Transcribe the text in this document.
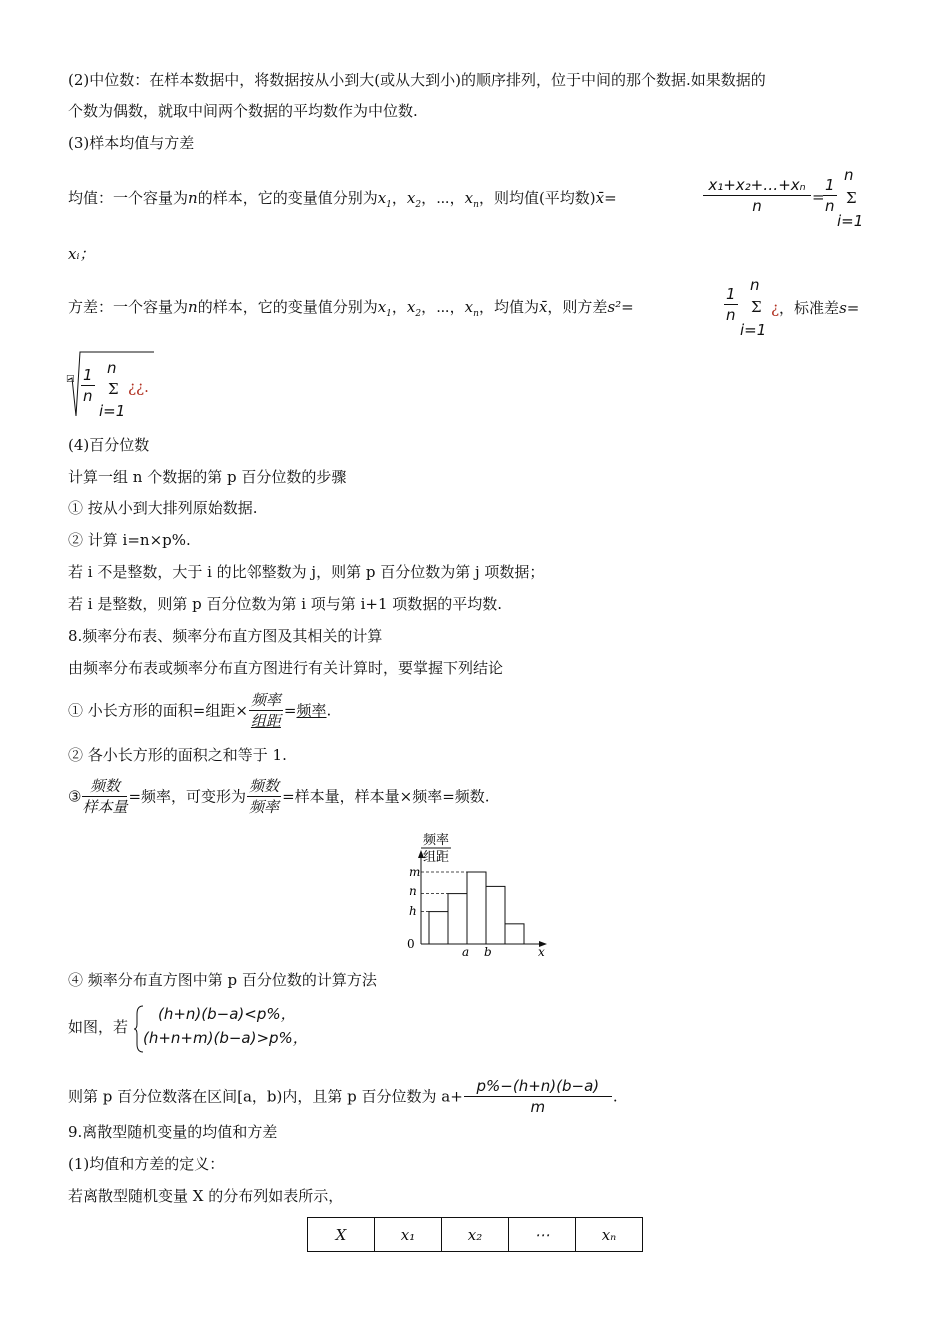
(2)中位数：在样本数据中，将数据按从小到大(或从大到小)的顺序排列，位于中间的那个数据.如果数据的
个数为偶数，就取中间两个数据的平均数作为中位数.
(3)样本均值与方差
均值：一个容量为n的样本，它的变量值分别为$x_1$，$x_2$，⋯，$x_n$，则均值(平均数)x̄=	$\frac{\text{x₁+x₂+…+xₙ}}{n}$ =
$\frac{1}{n}$ n
Σ
i=1
xᵢ；
方差：一个容量为n的样本，它的变量值分别为$x_1$，$x_2$，⋯，$x_n$，均值为x̄，则方差s²=	$\frac{1}{n}$ n
Σ
i=1
¿，标准差s=
□ $\frac{1}{n}$ n
Σ
i=1
¿¿.
(4)百分位数
计算一组 n 个数据的第 p 百分位数的步骤
① 按从小到大排列原始数据.
② 计算 i=n×p%.
若 i 不是整数，大于 i 的比邻整数为 j，则第 p 百分位数为第 j 项数据；
若 i 是整数，则第 p 百分位数为第 i 项与第 i+1 项数据的平均数.
8.频率分布表、频率分布直方图及其相关的计算
由频率分布表或频率分布直方图进行有关计算时，要掌握下列结论
① 小长方形的面积=组距× $\frac{\text{频率}}{\text{组距}}$ =频率.
② 各小长方形的面积之和等于 1.
③ $\frac{\text{频数}}{\text{样本量}}$ =频率，可变形为 $\frac{\text{频数}}{\text{频率}}$ =样本量，样本量×频率=频数.
频率
组距
0
m
n
h
a b	x
④ 频率分布直方图中第 p 百分位数的计算方法
如图，若
(h+n)(b−a)<p%，
(h+n+m)(b−a)>p%，
则第 p 百分位数落在区间[a，b)内，且第 p 百分位数为 $a+ \frac{p\%-(h+n)(b-a)}{m}$ .
9.离散型随机变量的均值和方差
(1)均值和方差的定义：
若离散型随机变量 X 的分布列如表所示，
X	x₁	x₂	⋯	xₙ
